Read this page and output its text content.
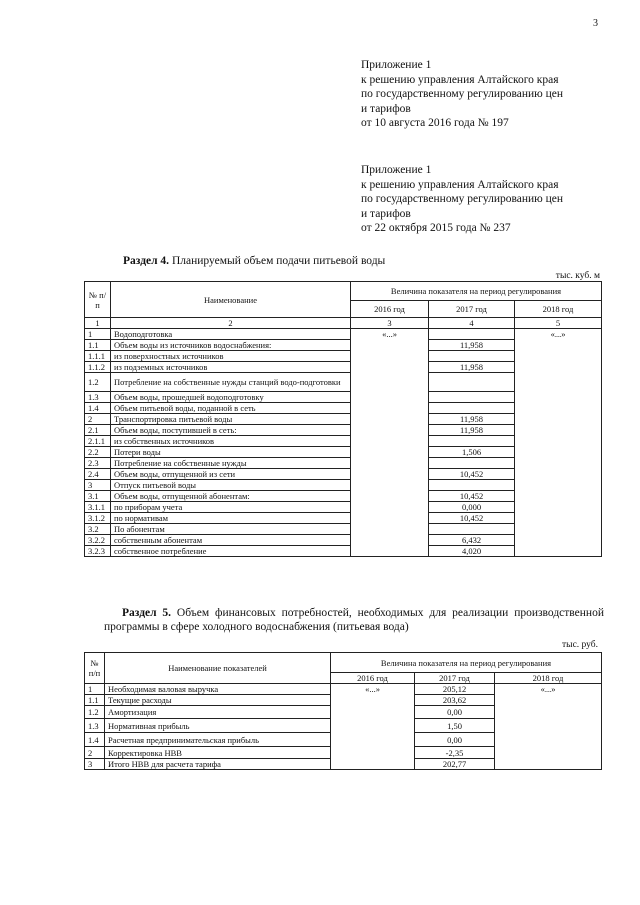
3
Приложение 1
к решению управления Алтайского края
по государственному регулированию цен
и тарифов
от 10 августа 2016 года № 197
Приложение 1
к решению управления Алтайского края
по государственному регулированию цен
и тарифов
от 22 октября 2015 года № 237
Раздел 4. Планируемый объем подачи питьевой воды
тыс. куб. м
№ п/п	Наименование	Величина показателя на период регулирования		
		2016 год	2017 год	2018 год
1	2	3	4	5
1	Водоподготовка	«...»		«...»
1.1	Объем воды из источников водоснабжения:		11,958	
1.1.1	из поверхностных источников			
1.1.2	из подземных источников		11,958	
1.2	Потребление на собственные нужды станций водо-подготовки			
1.3	Объем воды, прошедшей водоподготовку			
1.4	Объем питьевой воды, поданной в сеть			
2	Транспортировка питьевой воды		11,958	
2.1	Объем воды, поступившей в сеть:		11,958	
2.1.1	из собственных источников			
2.2	Потери воды		1,506	
2.3	Потребление на собственные нужды			
2.4	Объем воды, отпущенной из сети		10,452	
3	Отпуск питьевой воды			
3.1	Объем воды, отпущенной абонентам:		10,452	
3.1.1	по приборам учета		0,000	
3.1.2	по нормативам		10,452	
3.2	По абонентам			
3.2.2	собственным абонентам		6,432	
3.2.3	собственное потребление		4,020	
Раздел 5. Объем финансовых потребностей, необходимых для реализации производственной программы в сфере холодного водоснабжения (питьевая вода)
тыс. руб.
№ п/п	Наименование показателей	Величина показателя на период регулирования		
		2016 год	2017 год	2018 год
1	Необходимая валовая выручка	«...»	205,12	«...»
1.1	Текущие расходы		203,62	
1.2	Амортизация		0,00	
1.3	Нормативная прибыль		1,50	
1.4	Расчетная предпринимательская прибыль		0,00	
2	Корректировка НВВ		-2,35	
3	Итого НВВ для расчета тарифа		202,77	
